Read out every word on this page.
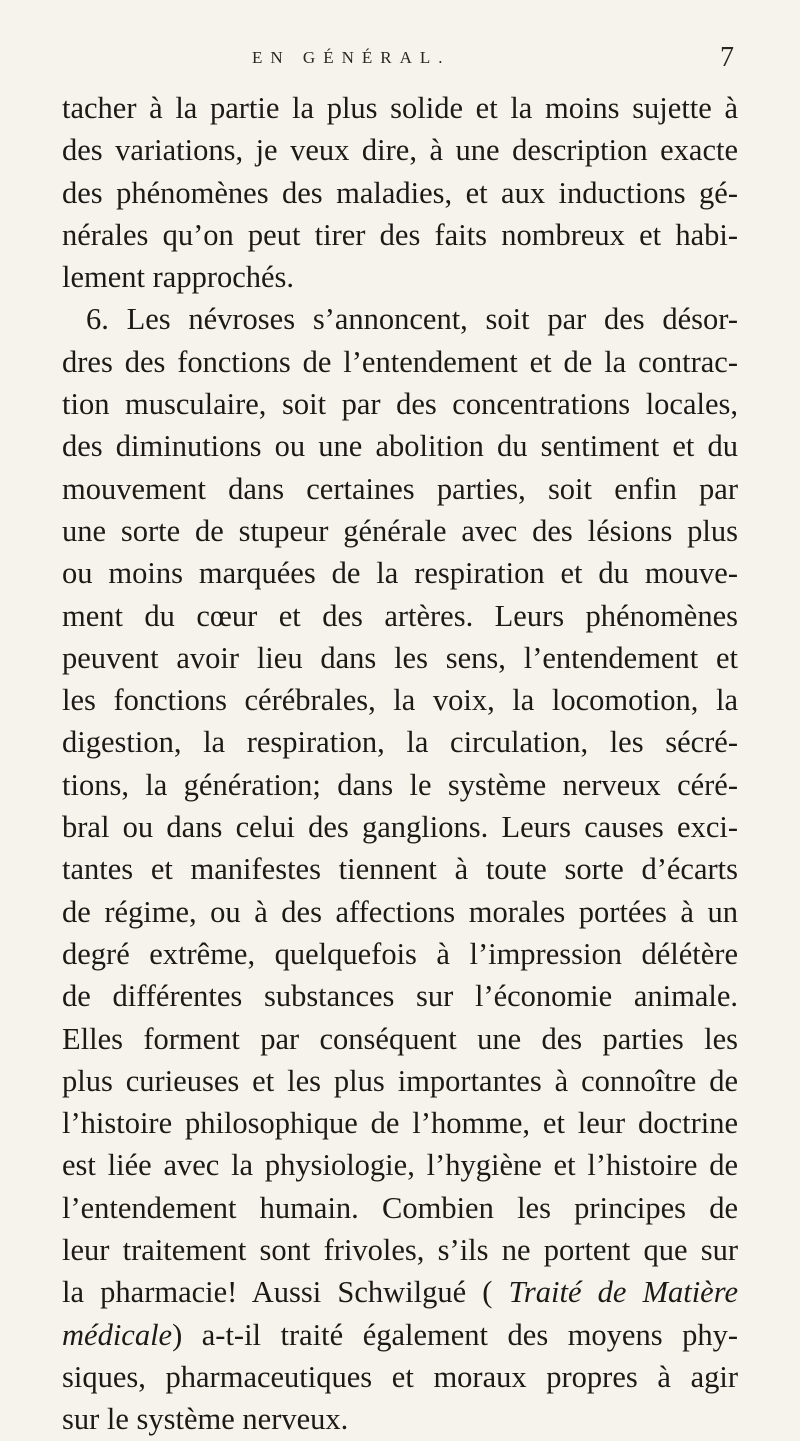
EN GÉNÉRAL.	7
tacher à la partie la plus solide et la moins sujette à
des variations, je veux dire, à une description exacte
des phénomènes des maladies, et aux inductions gé-
nérales qu’on peut tirer des faits nombreux et habi-
lement rapprochés.
6. Les névroses s’annoncent, soit par des désor-
dres des fonctions de l’entendement et de la contrac-
tion musculaire, soit par des concentrations locales,
des diminutions ou une abolition du sentiment et du
mouvement dans certaines parties, soit enfin par
une sorte de stupeur générale avec des lésions plus
ou moins marquées de la respiration et du mouve-
ment du cœur et des artères. Leurs phénomènes
peuvent avoir lieu dans les sens, l’entendement et
les fonctions cérébrales, la voix, la locomotion, la
digestion, la respiration, la circulation, les sécré-
tions, la génération; dans le système nerveux céré-
bral ou dans celui des ganglions. Leurs causes exci-
tantes et manifestes tiennent à toute sorte d’écarts
de régime, ou à des affections morales portées à un
degré extrême, quelquefois à l’impression délétère
de différentes substances sur l’économie animale.
Elles forment par conséquent une des parties les
plus curieuses et les plus importantes à connoître de
l’histoire philosophique de l’homme, et leur doctrine
est liée avec la physiologie, l’hygiène et l’histoire de
l’entendement humain. Combien les principes de
leur traitement sont frivoles, s’ils ne portent que sur
la pharmacie! Aussi Schwilgué ( Traité de Matière
médicale) a-t-il traité également des moyens phy-
siques, pharmaceutiques et moraux propres à agir
sur le système nerveux.
